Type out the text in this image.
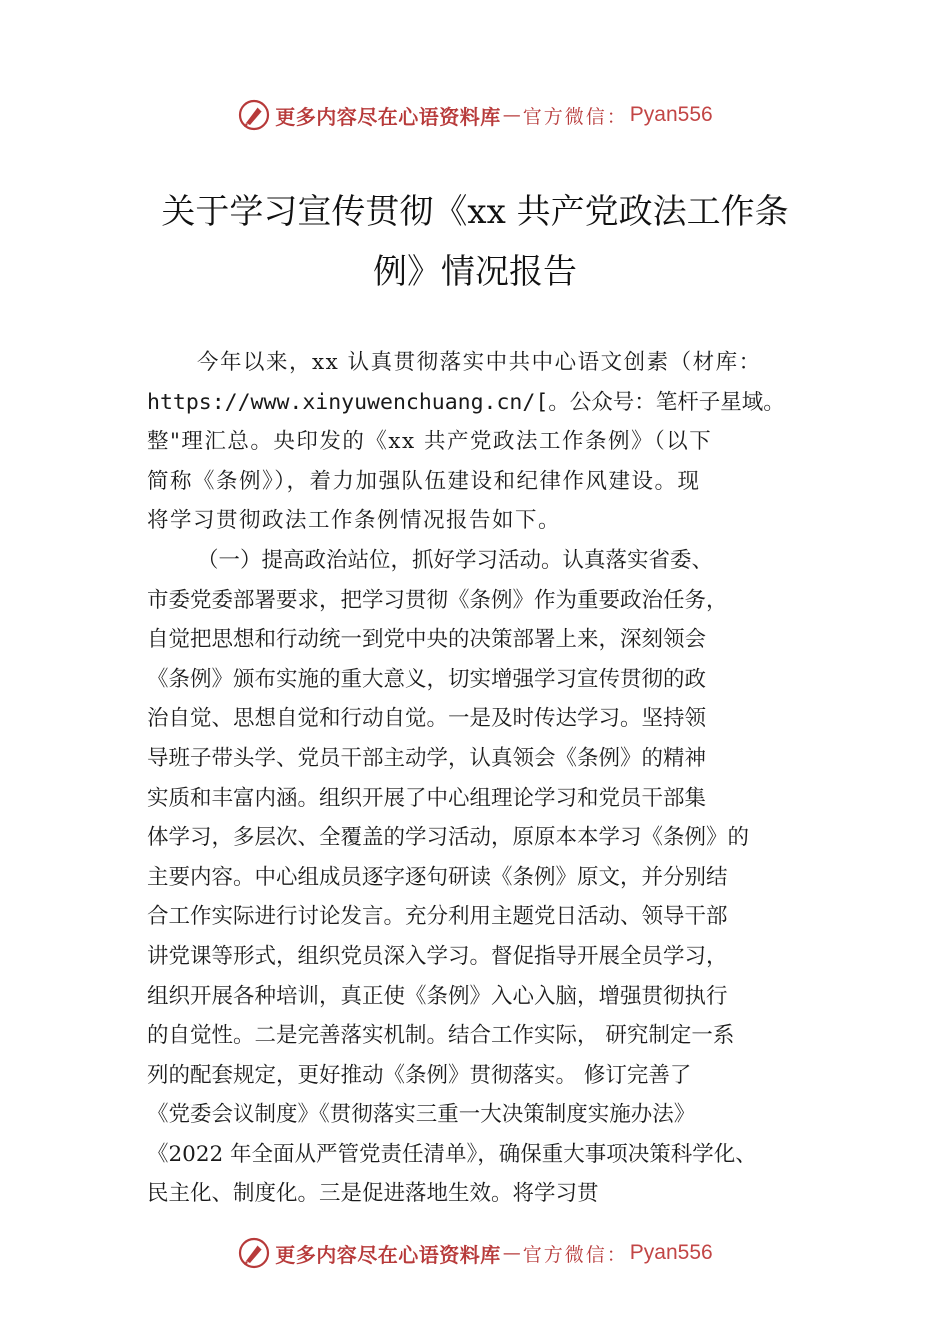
更多内容尽在心语资料库 — 官方微信： Pyan556
关于学习宣传贯彻《xx 共产党政法工作条
例》情况报告
今年以来，xx 认真贯彻落实中共中心语文创素（材库：
https://www.xinyuwenchuang.cn/[。公众号：笔杆子星域。
整"理汇总。央印发的《xx 共产党政法工作条例》（以下
简称《条例》），着力加强队伍建设和纪律作风建设。现
将学习贯彻政法工作条例情况报告如下。
（一）提高政治站位，抓好学习活动。认真落实省委、
市委党委部署要求，把学习贯彻《条例》作为重要政治任务，
自觉把思想和行动统一到党中央的决策部署上来，深刻领会
《条例》颁布实施的重大意义，切实增强学习宣传贯彻的政
治自觉、思想自觉和行动自觉。一是及时传达学习。坚持领
导班子带头学、党员干部主动学，认真领会《条例》的精神
实质和丰富内涵。组织开展了中心组理论学习和党员干部集
体学习，多层次、全覆盖的学习活动，原原本本学习《条例》的
主要内容。中心组成员逐字逐句研读《条例》原文，并分别结
合工作实际进行讨论发言。充分利用主题党日活动、领导干部
讲党课等形式，组织党员深入学习。督促指导开展全员学习，
组织开展各种培训，真正使《条例》入心入脑，增强贯彻执行
的自觉性。二是完善落实机制。结合工作实际， 研究制定一系
列的配套规定，更好推动《条例》贯彻落实。 修订完善了
《党委会议制度》《贯彻落实三重一大决策制度实施办法》
《2022 年全面从严管党责任清单》，确保重大事项决策科学化、
民主化、制度化。三是促进落地生效。将学习贯
更多内容尽在心语资料库 — 官方微信： Pyan556
